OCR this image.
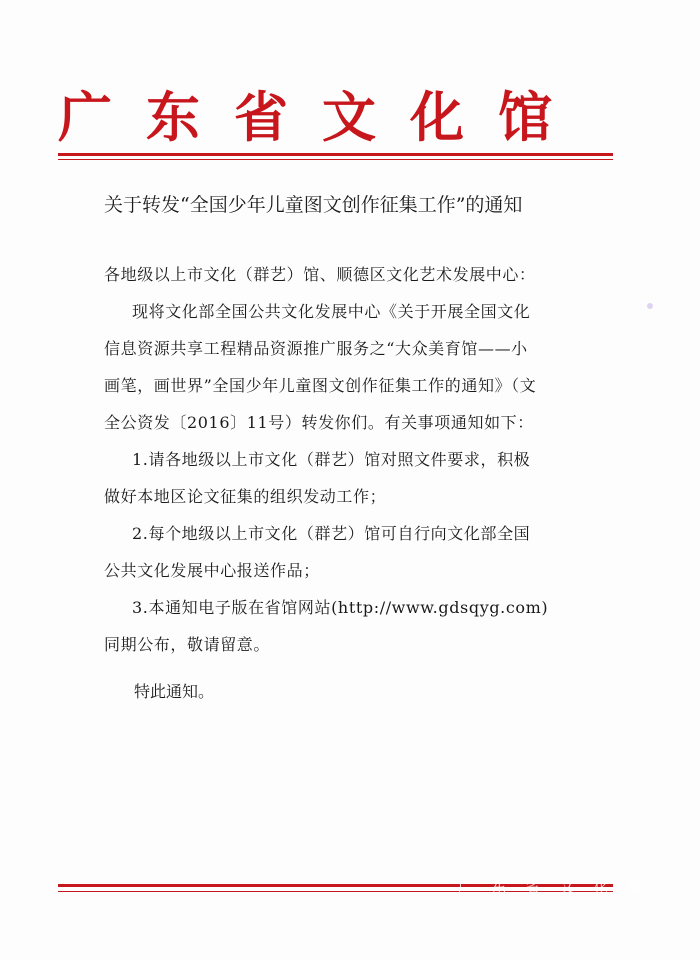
广东省文化馆
关于转发“全国少年儿童图文创作征集工作”的通知

各地级以上市文化（群艺）馆、顺德区文化艺术发展中心：

现将文化部全国公共文化发展中心《关于开展全国文化

信息资源共享工程精品资源推广服务之“大众美育馆——小

画笔，画世界”全国少年儿童图文创作征集工作的通知》（文

全公资发〔2016〕11号）转发你们。有关事项通知如下：

1.请各地级以上市文化（群艺）馆对照文件要求，积极

做好本地区论文征集的组织发动工作；

2.每个地级以上市文化（群艺）馆可自行向文化部全国

公共文化发展中心报送作品；

3.本通知电子版在省馆网站(http://www.gdsqyg.com)

同期公布，敬请留意。

特此通知。
广东省文化馆
